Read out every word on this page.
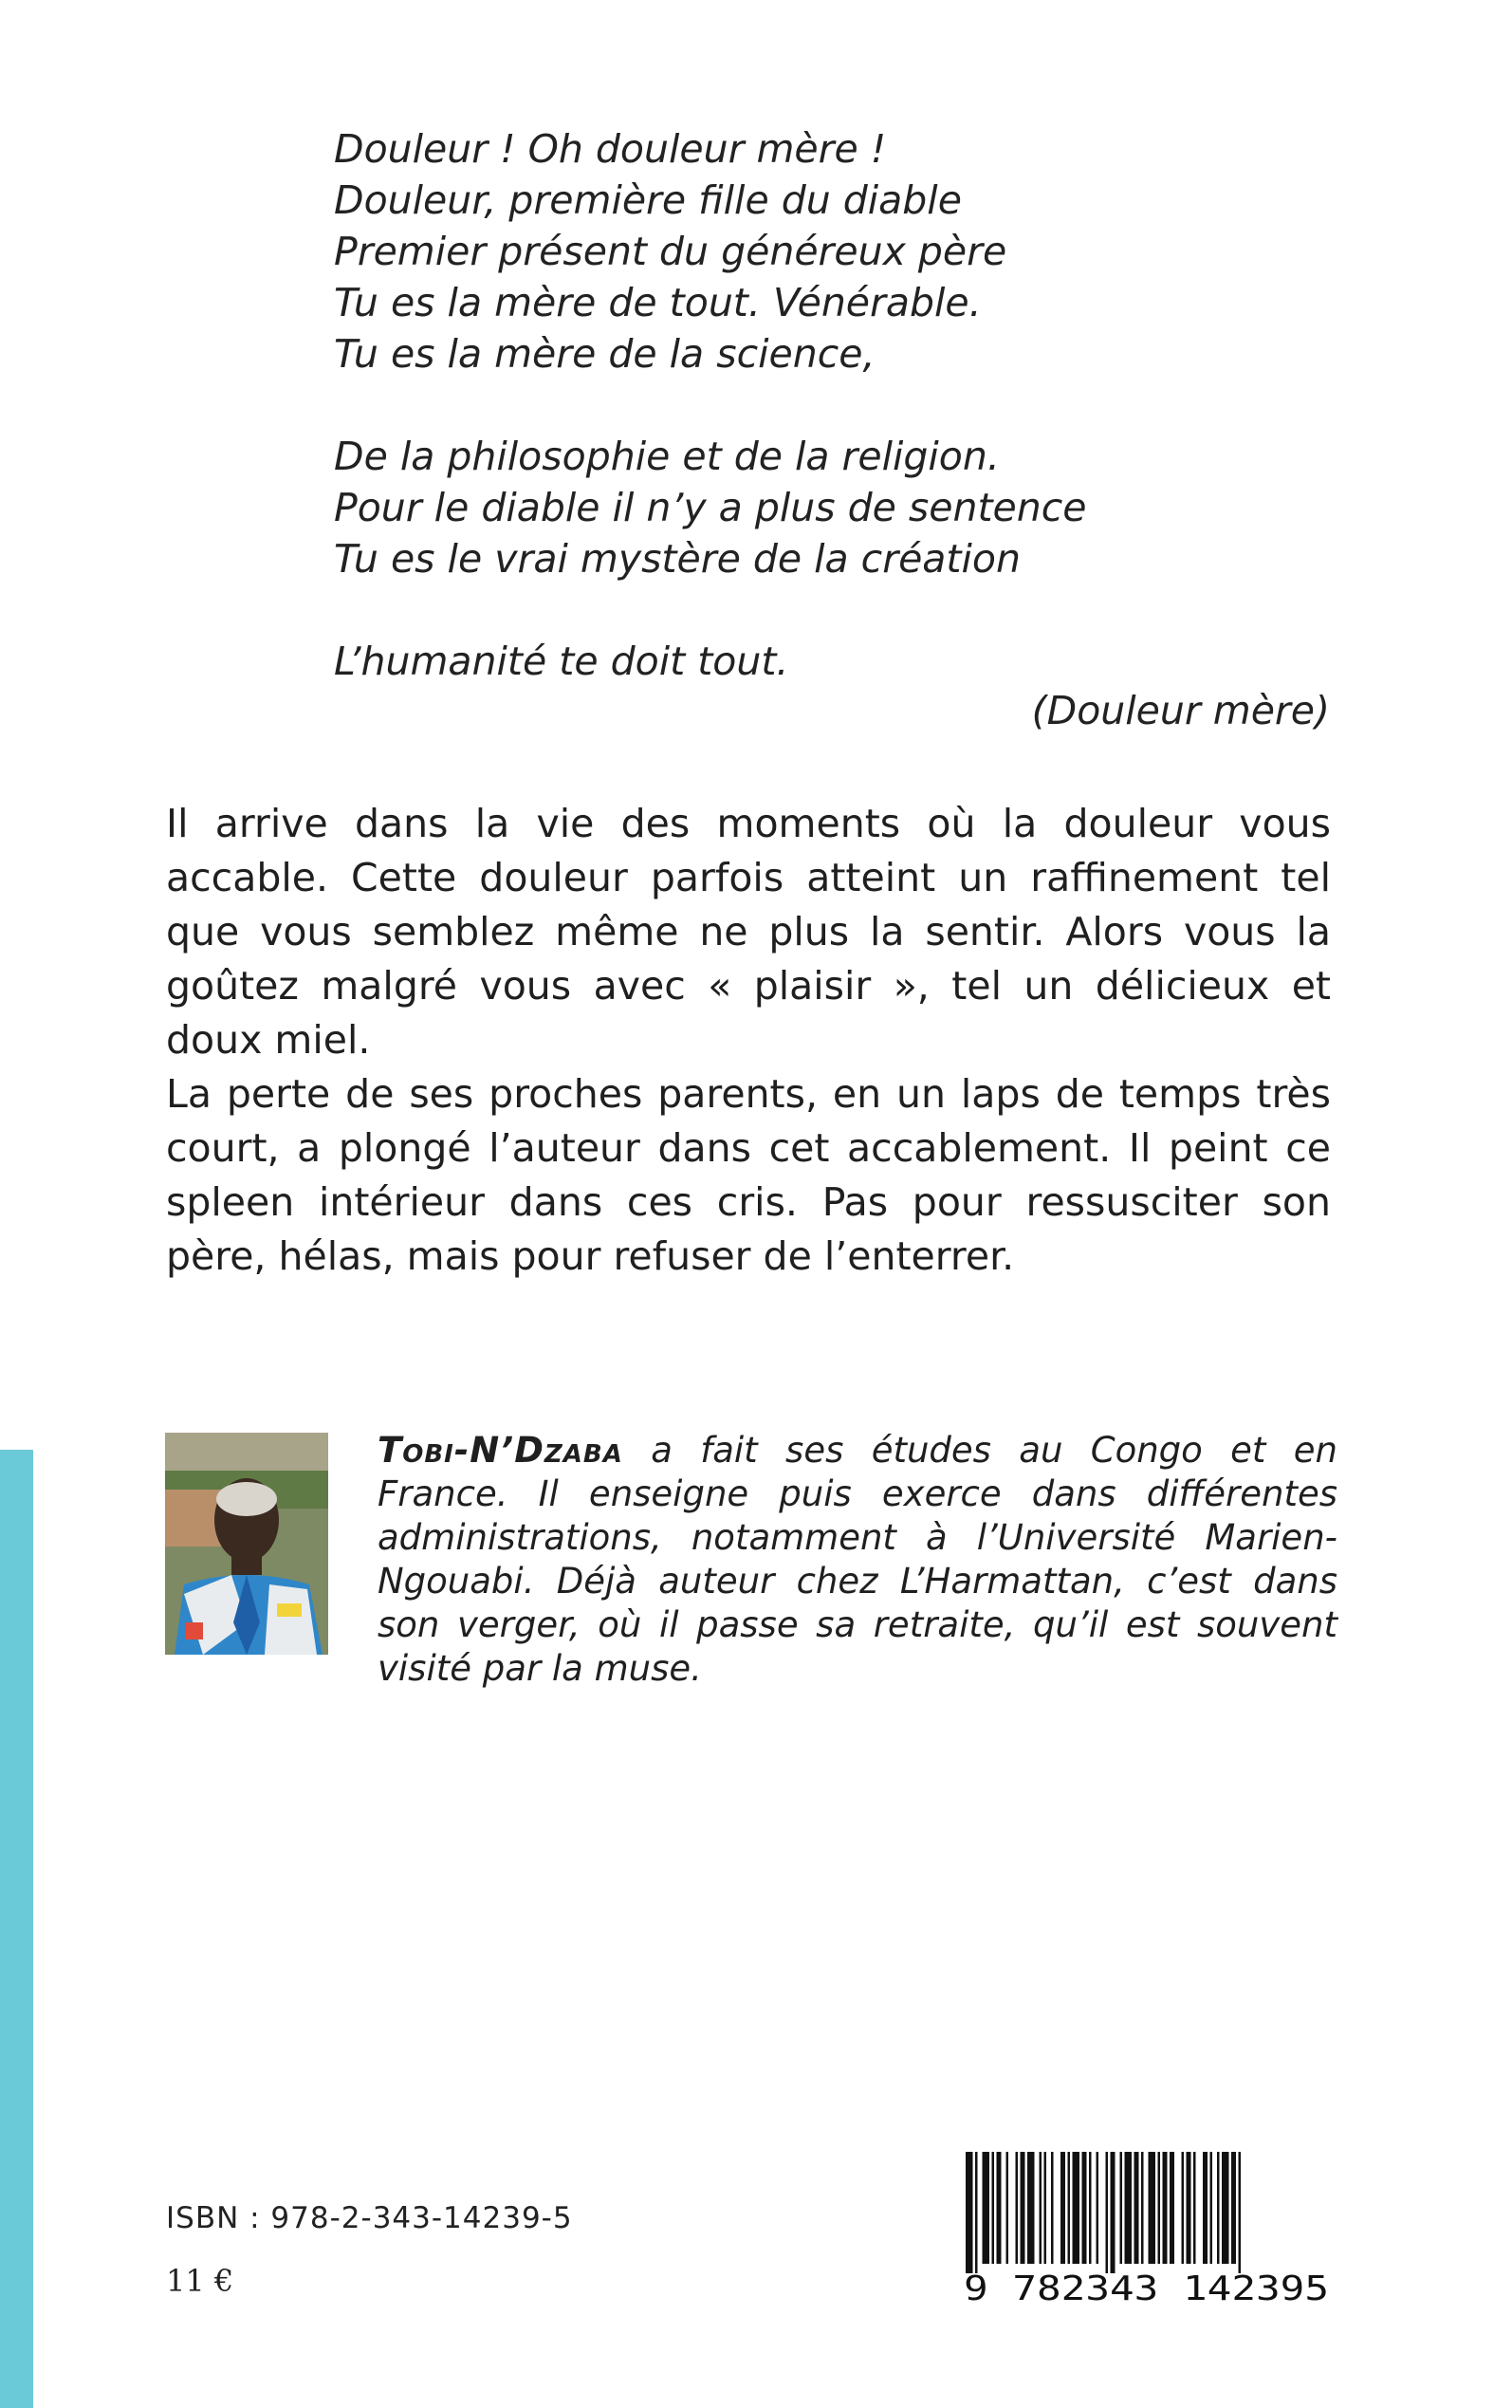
Douleur ! Oh douleur mère !
Douleur, première fille du diable
Premier présent du généreux père
Tu es la mère de tout. Vénérable.
Tu es la mère de la science,
De la philosophie et de la religion.
Pour le diable il n’y a plus de sentence
Tu es le vrai mystère de la création
L’humanité te doit tout.
(Douleur mère)

Il arrive dans la vie des moments où la douleur vous accable. Cette douleur parfois atteint un raffinement tel que vous semblez même ne plus la sentir. Alors vous la goûtez malgré vous avec « plaisir », tel un délicieux et doux miel.

La perte de ses proches parents, en un laps de temps très court, a plongé l’auteur dans cet accablement. Il peint ce spleen intérieur dans ces cris. Pas pour ressusciter son père, hélas, mais pour refuser de l’enterrer.

Tobi-N’Dzaba a fait ses études au Congo et en France. Il enseigne puis exerce dans différentes administrations, notamment à l’Université Marien-Ngouabi. Déjà auteur chez L’Harmattan, c’est dans son verger, où il passe sa retraite, qu’il est souvent visité par la muse.
ISBN : 978-2-343-14239-5
11 €	9 782343 142395
